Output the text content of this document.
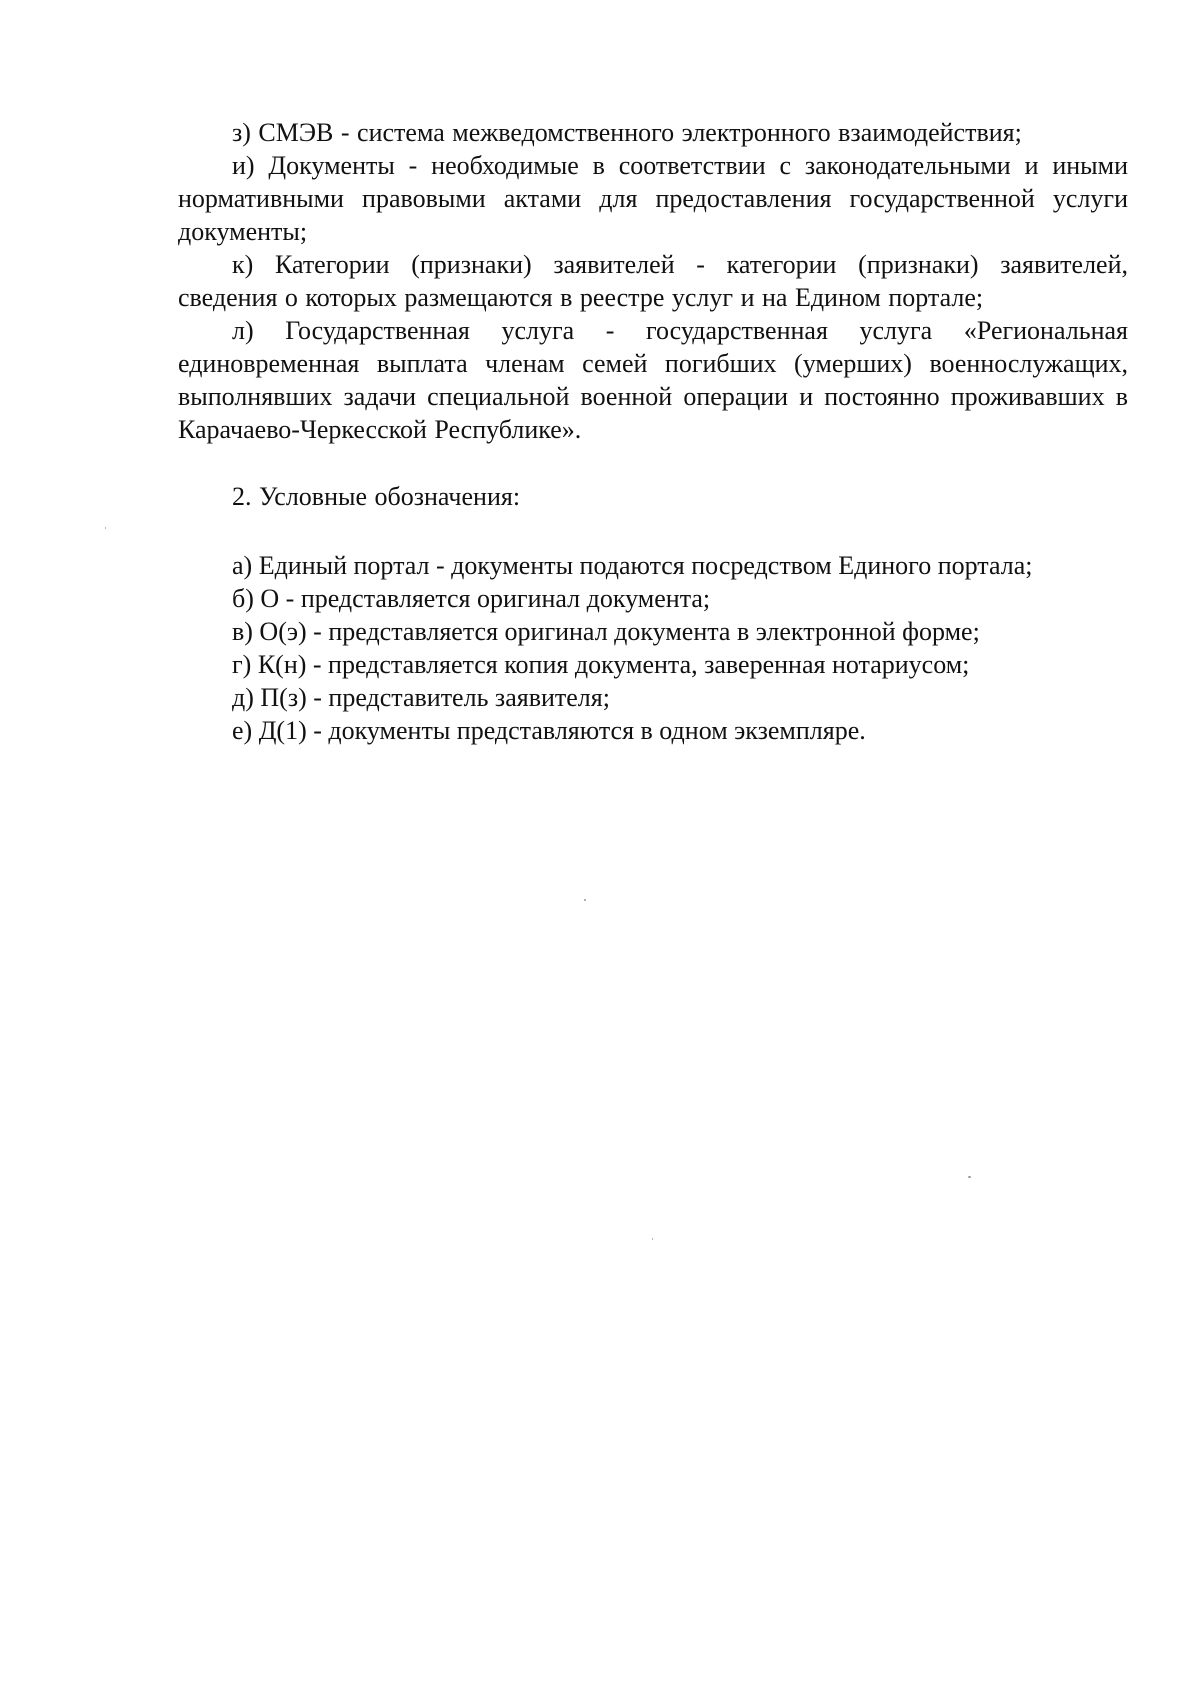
з) СМЭВ - система межведомственного электронного взаимодействия;

и) Документы - необходимые в соответствии с законодательными и иными нормативными правовыми актами для предоставления государственной услуги документы;

к) Категории (признаки) заявителей - категории (признаки) заявителей, сведения о которых размещаются в реестре услуг и на Едином портале;

л) Государственная услуга - государственная услуга «Региональная единовременная выплата членам семей погибших (умерших) военнослужащих, выполнявших задачи специальной военной операции и постоянно проживавших в Карачаево-Черкесской Республике».

2. Условные обозначения:

а) Единый портал - документы подаются посредством Единого портала;
б) О - представляется оригинал документа;
в) О(э) - представляется оригинал документа в электронной форме;
г) К(н) - представляется копия документа, заверенная нотариусом;
д) П(з) - представитель заявителя;
е) Д(1) - документы представляются в одном экземпляре.
